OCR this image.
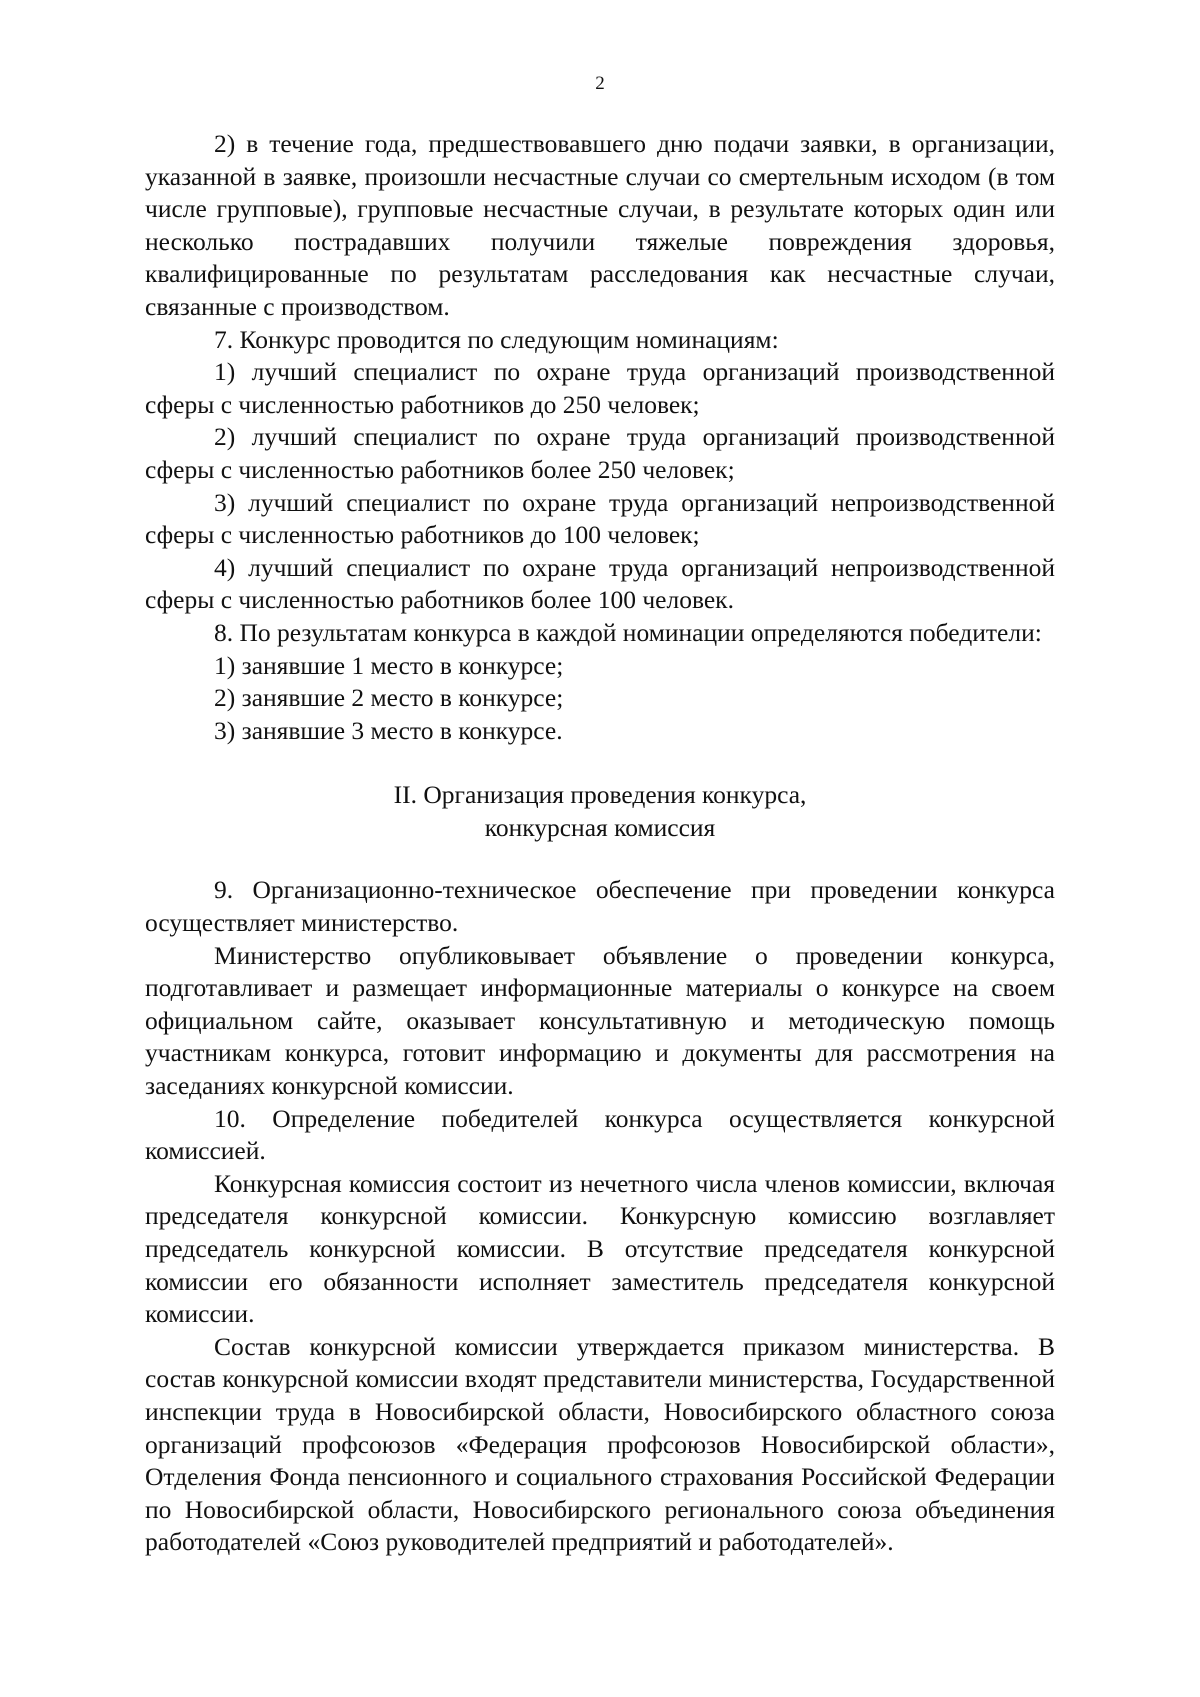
2

2) в течение года, предшествовавшего дню подачи заявки, в организации, указанной в заявке, произошли несчастные случаи со смертельным исходом (в том числе групповые), групповые несчастные случаи, в результате которых один или несколько пострадавших получили тяжелые повреждения здоровья, квалифицированные по результатам расследования как несчастные случаи, связанные с производством.

7. Конкурс проводится по следующим номинациям:

1) лучший специалист по охране труда организаций производственной сферы с численностью работников до 250 человек;

2) лучший специалист по охране труда организаций производственной сферы с численностью работников более 250 человек;

3) лучший специалист по охране труда организаций непроизводственной сферы с численностью работников до 100 человек;

4) лучший специалист по охране труда организаций непроизводственной сферы с численностью работников более 100 человек.

8. По результатам конкурса в каждой номинации определяются победители:

1) занявшие 1 место в конкурсе;

2) занявшие 2 место в конкурсе;

3) занявшие 3 место в конкурсе.

II. Организация проведения конкурса,
конкурсная комиссия

9. Организационно-техническое обеспечение при проведении конкурса осуществляет министерство.

Министерство опубликовывает объявление о проведении конкурса, подготавливает и размещает информационные материалы о конкурсе на своем официальном сайте, оказывает консультативную и методическую помощь участникам конкурса, готовит информацию и документы для рассмотрения на заседаниях конкурсной комиссии.

10. Определение победителей конкурса осуществляется конкурсной комиссией.

Конкурсная комиссия состоит из нечетного числа членов комиссии, включая председателя конкурсной комиссии. Конкурсную комиссию возглавляет председатель конкурсной комиссии. В отсутствие председателя конкурсной комиссии его обязанности исполняет заместитель председателя конкурсной комиссии.

Состав конкурсной комиссии утверждается приказом министерства. В состав конкурсной комиссии входят представители министерства, Государственной инспекции труда в Новосибирской области, Новосибирского областного союза организаций профсоюзов «Федерация профсоюзов Новосибирской области», Отделения Фонда пенсионного и социального страхования Российской Федерации по Новосибирской области, Новосибирского регионального союза объединения работодателей «Союз руководителей предприятий и работодателей».
